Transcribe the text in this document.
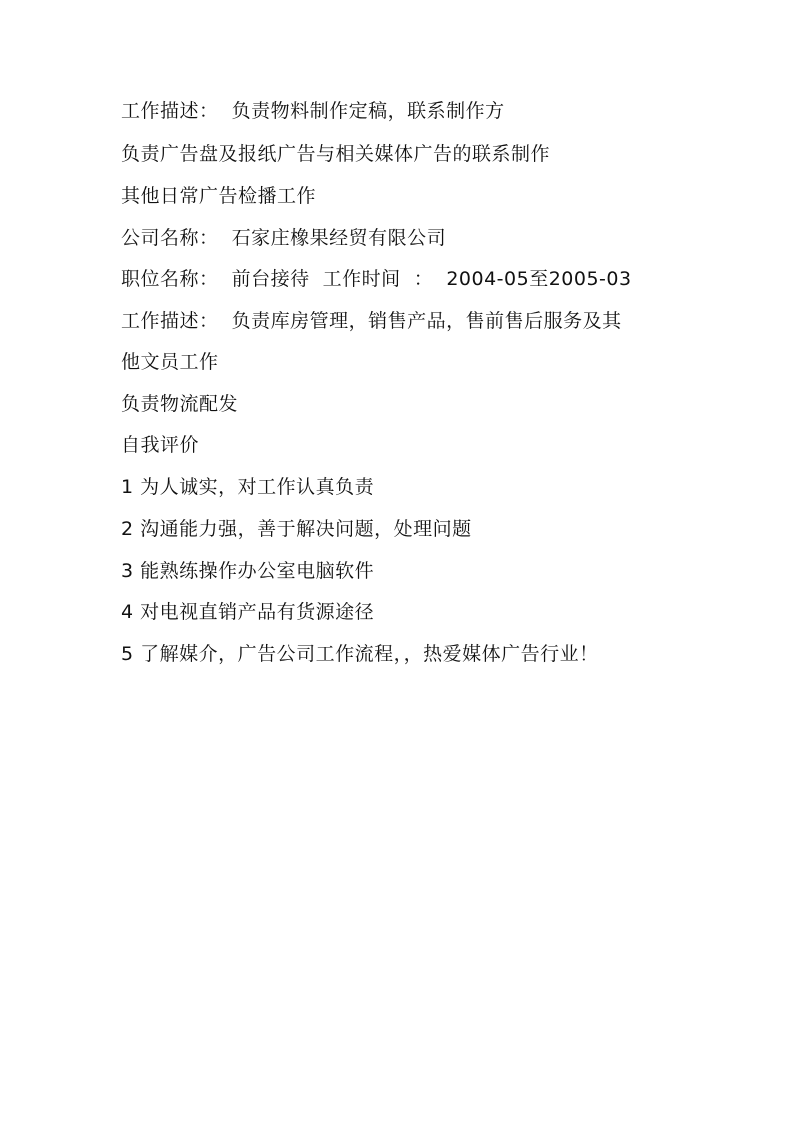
工作描述：  负责物料制作定稿，联系制作方
负责广告盘及报纸广告与相关媒体广告的联系制作
其他日常广告检播工作
公司名称：  石家庄橡果经贸有限公司
职位名称：  前台接待  工作时间  ：  2004-05至2005-03
工作描述：  负责库房管理，销售产品，售前售后服务及其
他文员工作
负责物流配发
自我评价
1 为人诚实，对工作认真负责
2 沟通能力强，善于解决问题，处理问题
3 能熟练操作办公室电脑软件
4 对电视直销产品有货源途径
5 了解媒介，广告公司工作流程，，热爱媒体广告行业！
